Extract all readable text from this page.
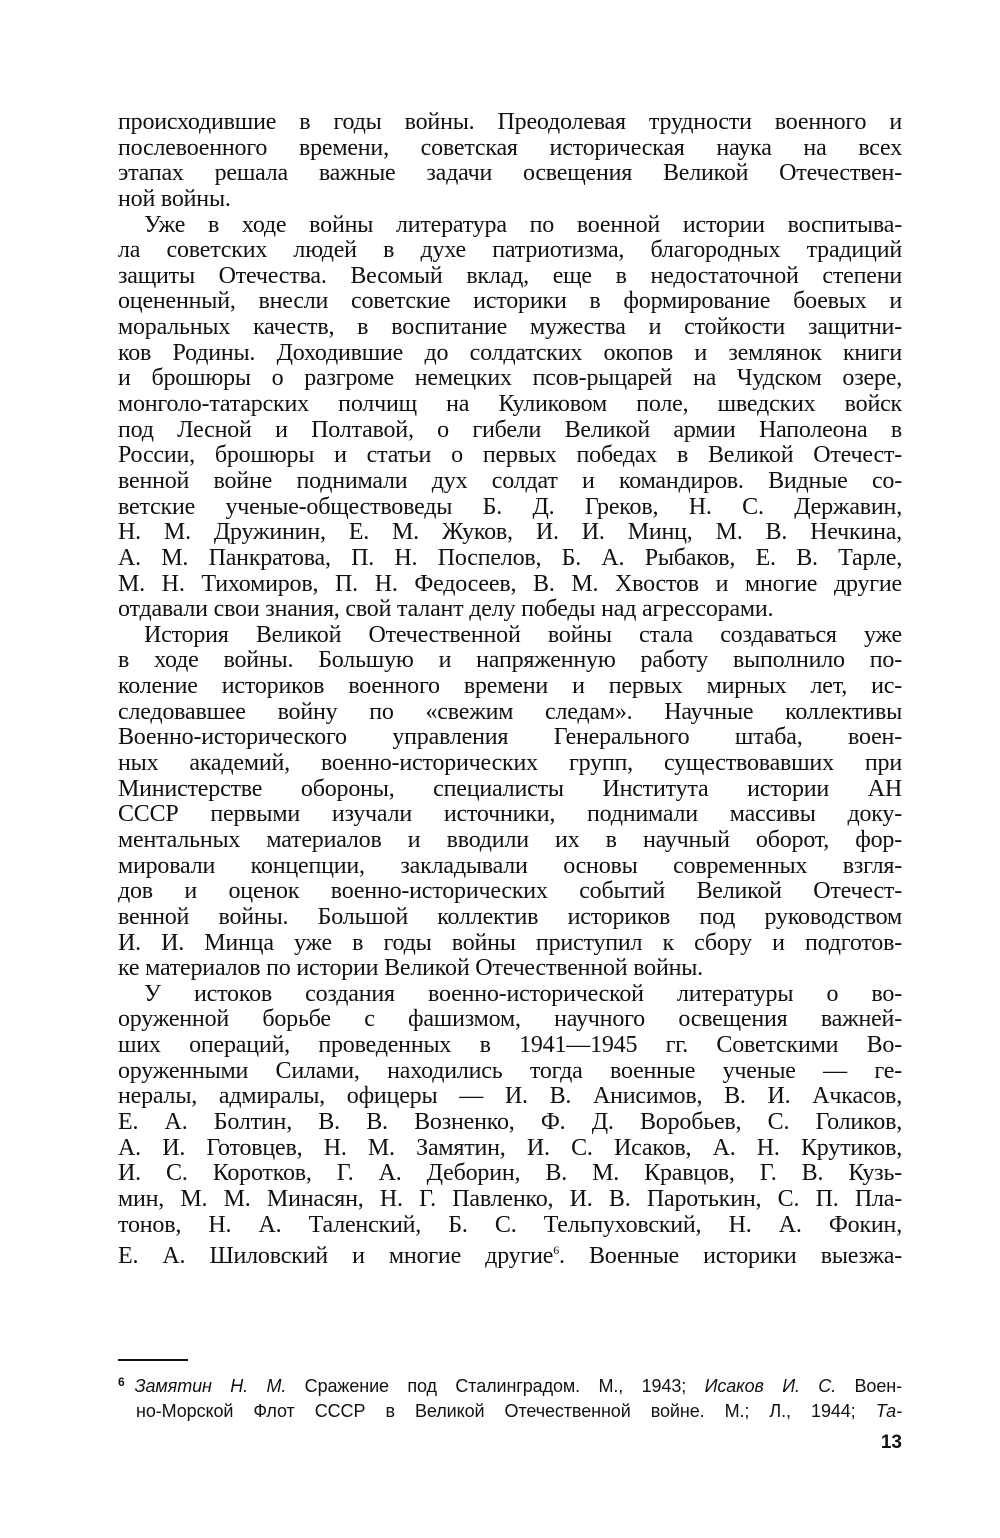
происходившие в годы войны. Преодолевая трудности военного и
послевоенного времени, советская историческая наука на всех
этапах решала важные задачи освещения Великой Отечествен-
ной войны.
Уже в ходе войны литература по военной истории воспитыва-
ла советских людей в духе патриотизма, благородных традиций
защиты Отечества. Весомый вклад, еще в недостаточной степени
оцененный, внесли советские историки в формирование боевых и
моральных качеств, в воспитание мужества и стойкости защитни-
ков Родины. Доходившие до солдатских окопов и землянок книги
и брошюры о разгроме немецких псов-рыцарей на Чудском озере,
монголо-татарских полчищ на Куликовом поле, шведских войск
под Лесной и Полтавой, о гибели Великой армии Наполеона в
России, брошюры и статьи о первых победах в Великой Отечест-
венной войне поднимали дух солдат и командиров. Видные со-
ветские ученые-обществоведы Б. Д. Греков, Н. С. Державин,
Н. М. Дружинин, Е. М. Жуков, И. И. Минц, М. В. Нечкина,
А. М. Панкратова, П. Н. Поспелов, Б. А. Рыбаков, Е. В. Тарле,
М. Н. Тихомиров, П. Н. Федосеев, В. М. Хвостов и многие другие
отдавали свои знания, свой талант делу победы над агрессорами.
История Великой Отечественной войны стала создаваться уже
в ходе войны. Большую и напряженную работу выполнило по-
коление историков военного времени и первых мирных лет, ис-
следовавшее войну по «свежим следам». Научные коллективы
Военно-исторического управления Генерального штаба, воен-
ных академий, военно-исторических групп, существовавших при
Министерстве обороны, специалисты Института истории АН
СССР первыми изучали источники, поднимали массивы доку-
ментальных материалов и вводили их в научный оборот, фор-
мировали концепции, закладывали основы современных взгля-
дов и оценок военно-исторических событий Великой Отечест-
венной войны. Большой коллектив историков под руководством
И. И. Минца уже в годы войны приступил к сбору и подготов-
ке материалов по истории Великой Отечественной войны.
У истоков создания военно-исторической литературы о во-
оруженной борьбе с фашизмом, научного освещения важней-
ших операций, проведенных в 1941—1945 гг. Советскими Во-
оруженными Силами, находились тогда военные ученые — ге-
нералы, адмиралы, офицеры — И. В. Анисимов, В. И. Ачкасов,
Е. А. Болтин, В. В. Возненко, Ф. Д. Воробьев, С. Голиков,
А. И. Готовцев, Н. М. Замятин, И. С. Исаков, А. Н. Крутиков,
И. С. Коротков, Г. А. Деборин, В. М. Кравцов, Г. В. Кузь-
мин, М. М. Минасян, Н. Г. Павленко, И. В. Паротькин, С. П. Пла-
тонов, Н. А. Таленский, Б. С. Тельпуховский, Н. А. Фокин,
Е. А. Шиловский и многие другие$^6$. Военные историки выезжа-
$^6$ Замятин Н. М. Сражение под Сталинградом. М., 1943; Исаков И. С. Воен-
но-Морской Флот СССР в Великой Отечественной войне. М.; Л., 1944; Та-
13
